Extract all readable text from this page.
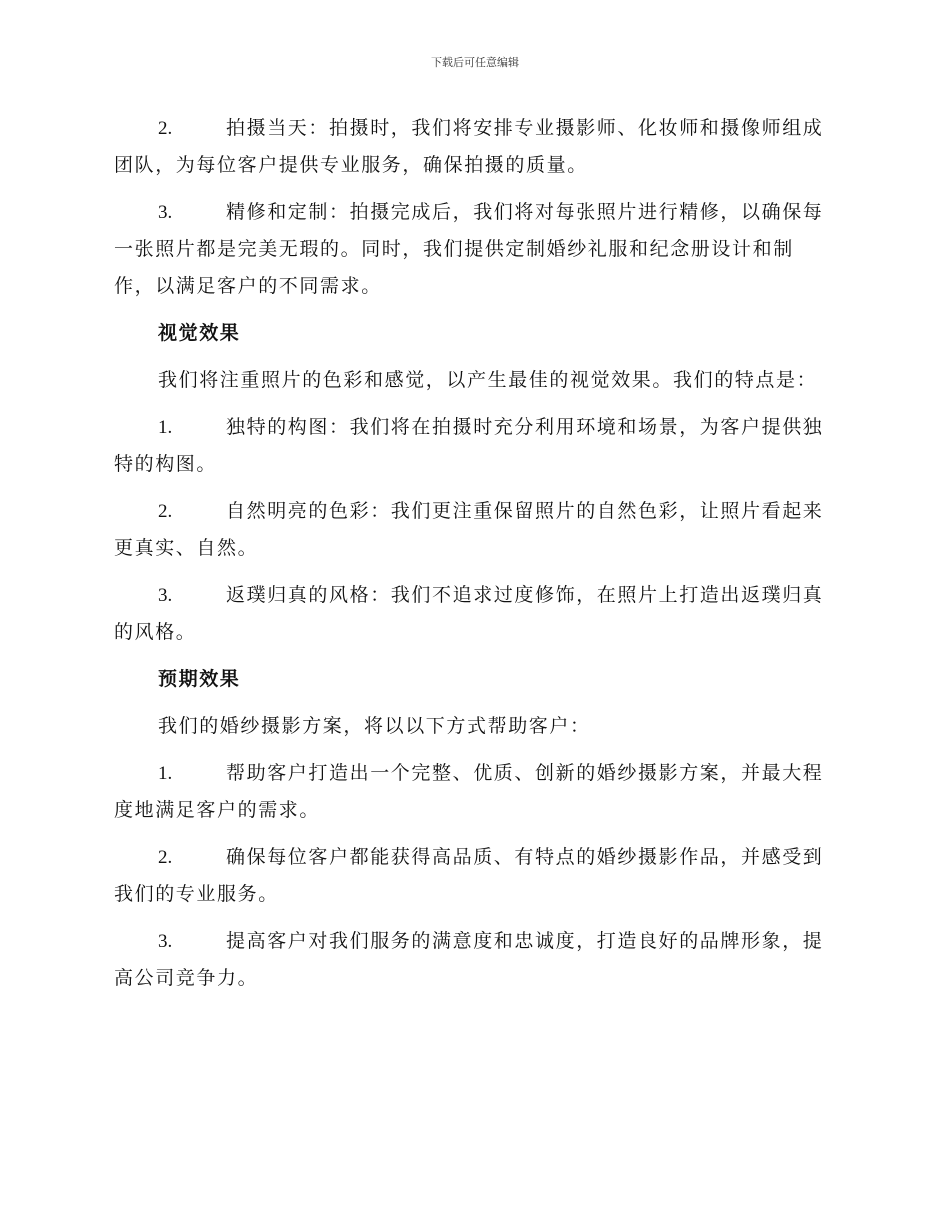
下载后可任意编辑
2.	拍摄当天：拍摄时，我们将安排专业摄影师、化妆师和摄像师组成团队，为每位客户提供专业服务，确保拍摄的质量。
3.	精修和定制：拍摄完成后，我们将对每张照片进行精修，以确保每一张照片都是完美无瑕的。同时，我们提供定制婚纱礼服和纪念册设计和制作，以满足客户的不同需求。
视觉效果
我们将注重照片的色彩和感觉，以产生最佳的视觉效果。我们的特点是：
1.	独特的构图：我们将在拍摄时充分利用环境和场景，为客户提供独特的构图。
2.	自然明亮的色彩：我们更注重保留照片的自然色彩，让照片看起来更真实、自然。
3.	返璞归真的风格：我们不追求过度修饰，在照片上打造出返璞归真的风格。
预期效果
我们的婚纱摄影方案，将以以下方式帮助客户：
1.	帮助客户打造出一个完整、优质、创新的婚纱摄影方案，并最大程度地满足客户的需求。
2.	确保每位客户都能获得高品质、有特点的婚纱摄影作品，并感受到我们的专业服务。
3.	提高客户对我们服务的满意度和忠诚度，打造良好的品牌形象，提高公司竞争力。
